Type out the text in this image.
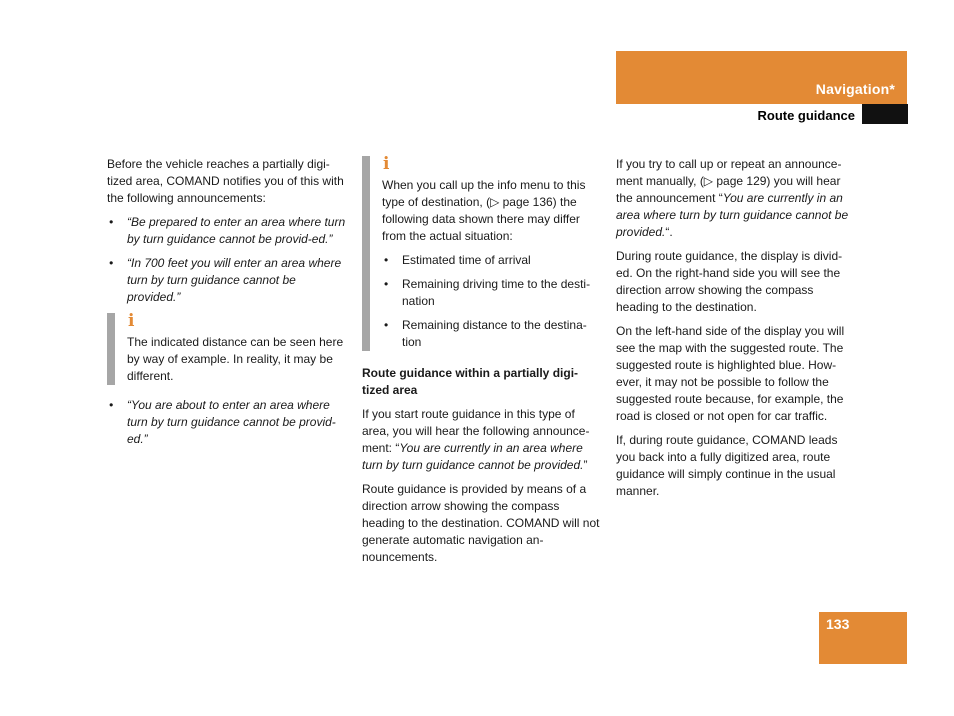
Navigation*
Route guidance

Before the vehicle reaches a partially digi-tized area, COMAND notifies you of this with the following announcements:

• “Be prepared to enter an area where turn by turn guidance cannot be provid-ed.”
• “In 700 feet you will enter an area where turn by turn guidance cannot be provided.”
i
The indicated distance can be seen here by way of example. In reality, it may be different.
• “You are about to enter an area where turn by turn guidance cannot be provid-ed.”
i

When you call up the info menu to this type of destination, (▷ page 136) the following data shown there may differ from the actual situation:

• Estimated time of arrival
• Remaining driving time to the desti-nation
• Remaining distance to the destina-tion

Route guidance within a partially digi-tized area

If you start route guidance in this type of area, you will hear the following announce-ment: “You are currently in an area where turn by turn guidance cannot be provided.”

Route guidance is provided by means of a direction arrow showing the compass heading to the destination. COMAND will not generate automatic navigation an-nouncements.

If you try to call up or repeat an announce-ment manually, (▷ page 129) you will hear the announcement “You are currently in an area where turn by turn guidance cannot be provided.“.

During route guidance, the display is divid-ed. On the right-hand side you will see the direction arrow showing the compass heading to the destination.

On the left-hand side of the display you will see the map with the suggested route. The suggested route is highlighted blue. How-ever, it may not be possible to follow the suggested route because, for example, the road is closed or not open for car traffic.

If, during route guidance, COMAND leads you back into a fully digitized area, route guidance will simply continue in the usual manner.

133
